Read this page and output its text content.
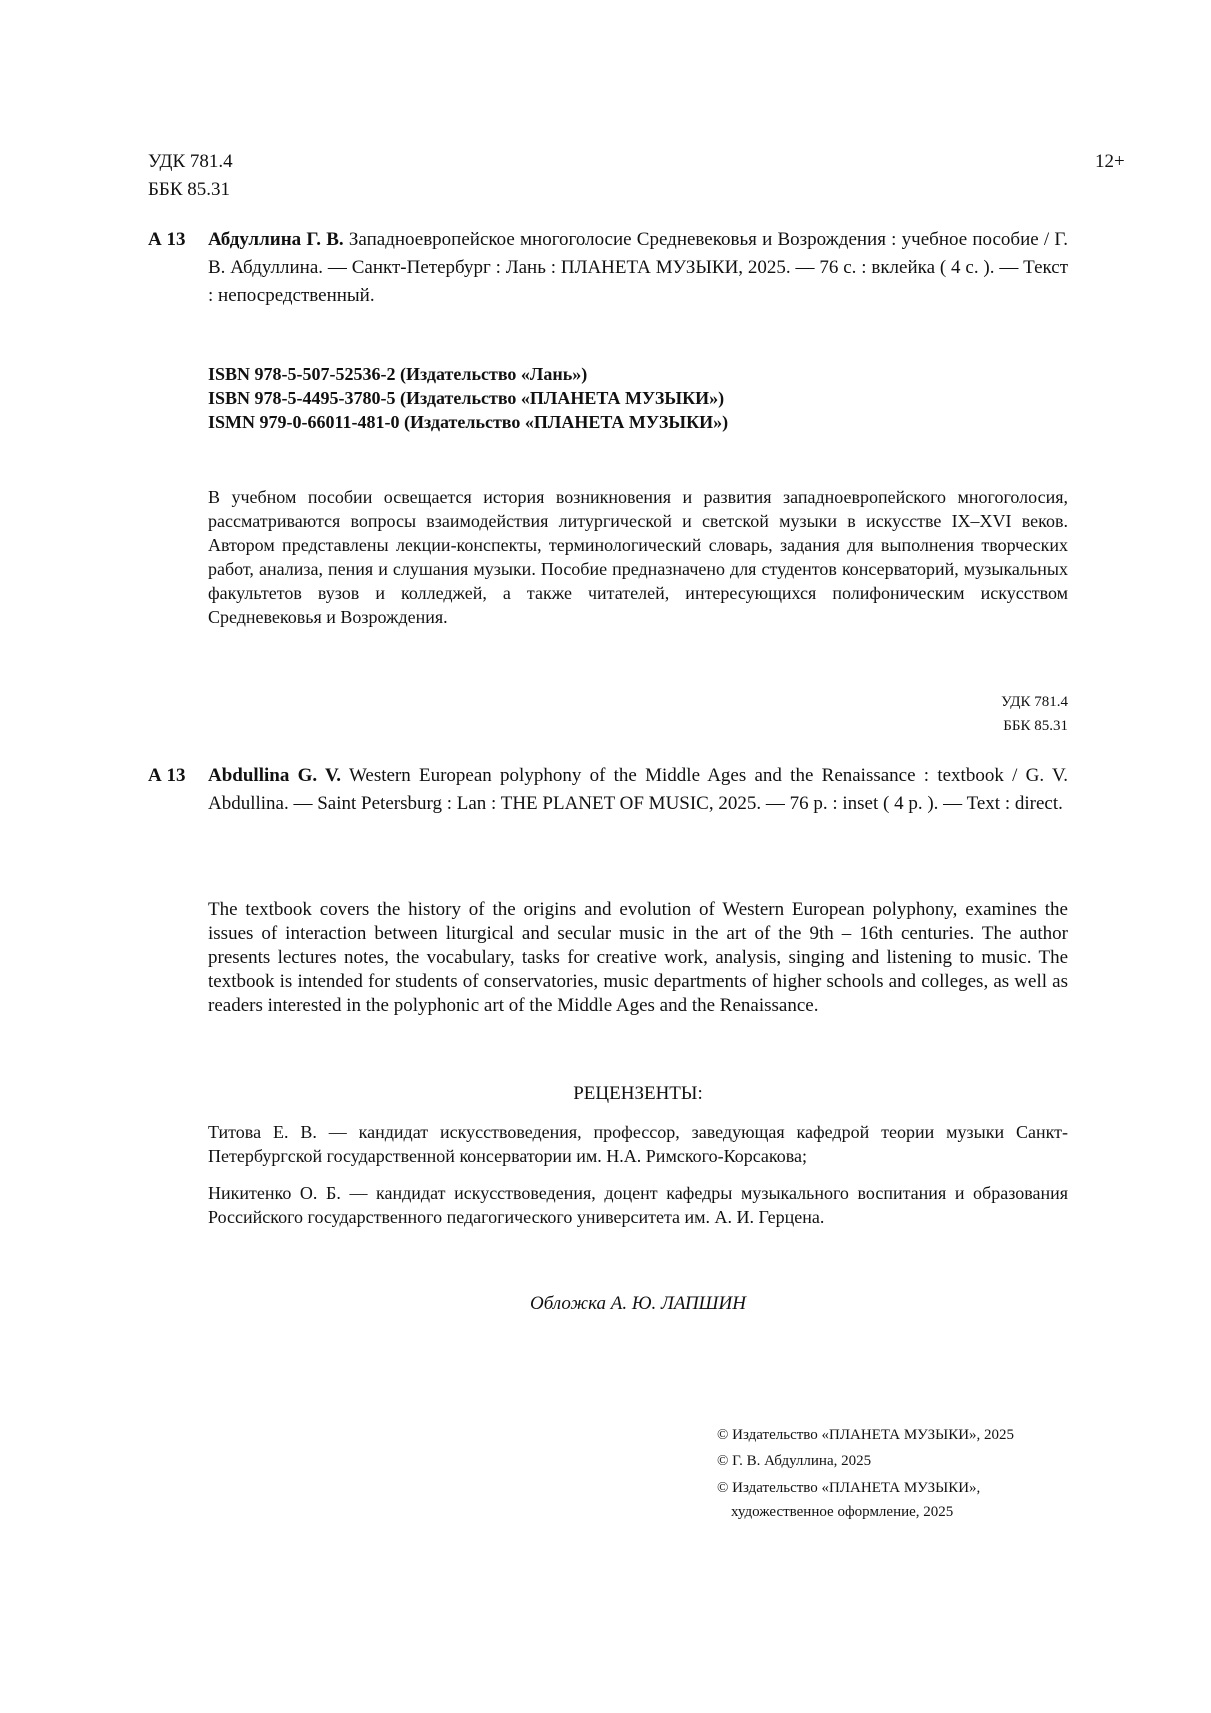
УДК 781.4
ББК 85.31
12+
А 13 Абдуллина Г. В. Западноевропейское многоголосие Средневековья и Возрождения : учебное пособие / Г. В. Абдуллина. — Санкт-Петербург : Лань : ПЛАНЕТА МУЗЫКИ, 2025. — 76 с. : вклейка ( 4 с. ). — Текст : непосредственный.
ISBN 978-5-507-52536-2 (Издательство «Лань»)
ISBN 978-5-4495-3780-5 (Издательство «ПЛАНЕТА МУЗЫКИ»)
ISMN 979-0-66011-481-0 (Издательство «ПЛАНЕТА МУЗЫКИ»)
В учебном пособии освещается история возникновения и развития западноевропейского многоголосия, рассматриваются вопросы взаимодействия литургической и светской музыки в искусстве IX–XVI веков. Автором представлены лекции-конспекты, терминологический словарь, задания для выполнения творческих работ, анализа, пения и слушания музыки. Пособие предназначено для студентов консерваторий, музыкальных факультетов вузов и колледжей, а также читателей, интересующихся полифоническим искусством Средневековья и Возрождения.
УДК 781.4
ББК 85.31
А 13 Abdullina G. V. Western European polyphony of the Middle Ages and the Renaissance : textbook / G. V. Abdullina. — Saint Petersburg : Lan : THE PLANET OF MUSIC, 2025. — 76 p. : inset ( 4 p. ). — Text : direct.
The textbook covers the history of the origins and evolution of Western European polyphony, examines the issues of interaction between liturgical and secular music in the art of the 9th – 16th centuries. The author presents lectures notes, the vocabulary, tasks for creative work, analysis, singing and listening to music. The textbook is intended for students of conservatories, music departments of higher schools and colleges, as well as readers interested in the polyphonic art of the Middle Ages and the Renaissance.
РЕЦЕНЗЕНТЫ:
Титова Е. В. — кандидат искусствоведения, профессор, заведующая кафедрой теории музыки Санкт-Петербургской государственной консерватории им. Н.А. Римского-Корсакова;
Никитенко О. Б. — кандидат искусствоведения, доцент кафедры музыкального воспитания и образования Российского государственного педагогического университета им. А. И. Герцена.
Обложка А. Ю. ЛАПШИН
© Издательство «ПЛАНЕТА МУЗЫКИ», 2025
© Г. В. Абдуллина, 2025
© Издательство «ПЛАНЕТА МУЗЫКИ»,
художественное оформление, 2025
